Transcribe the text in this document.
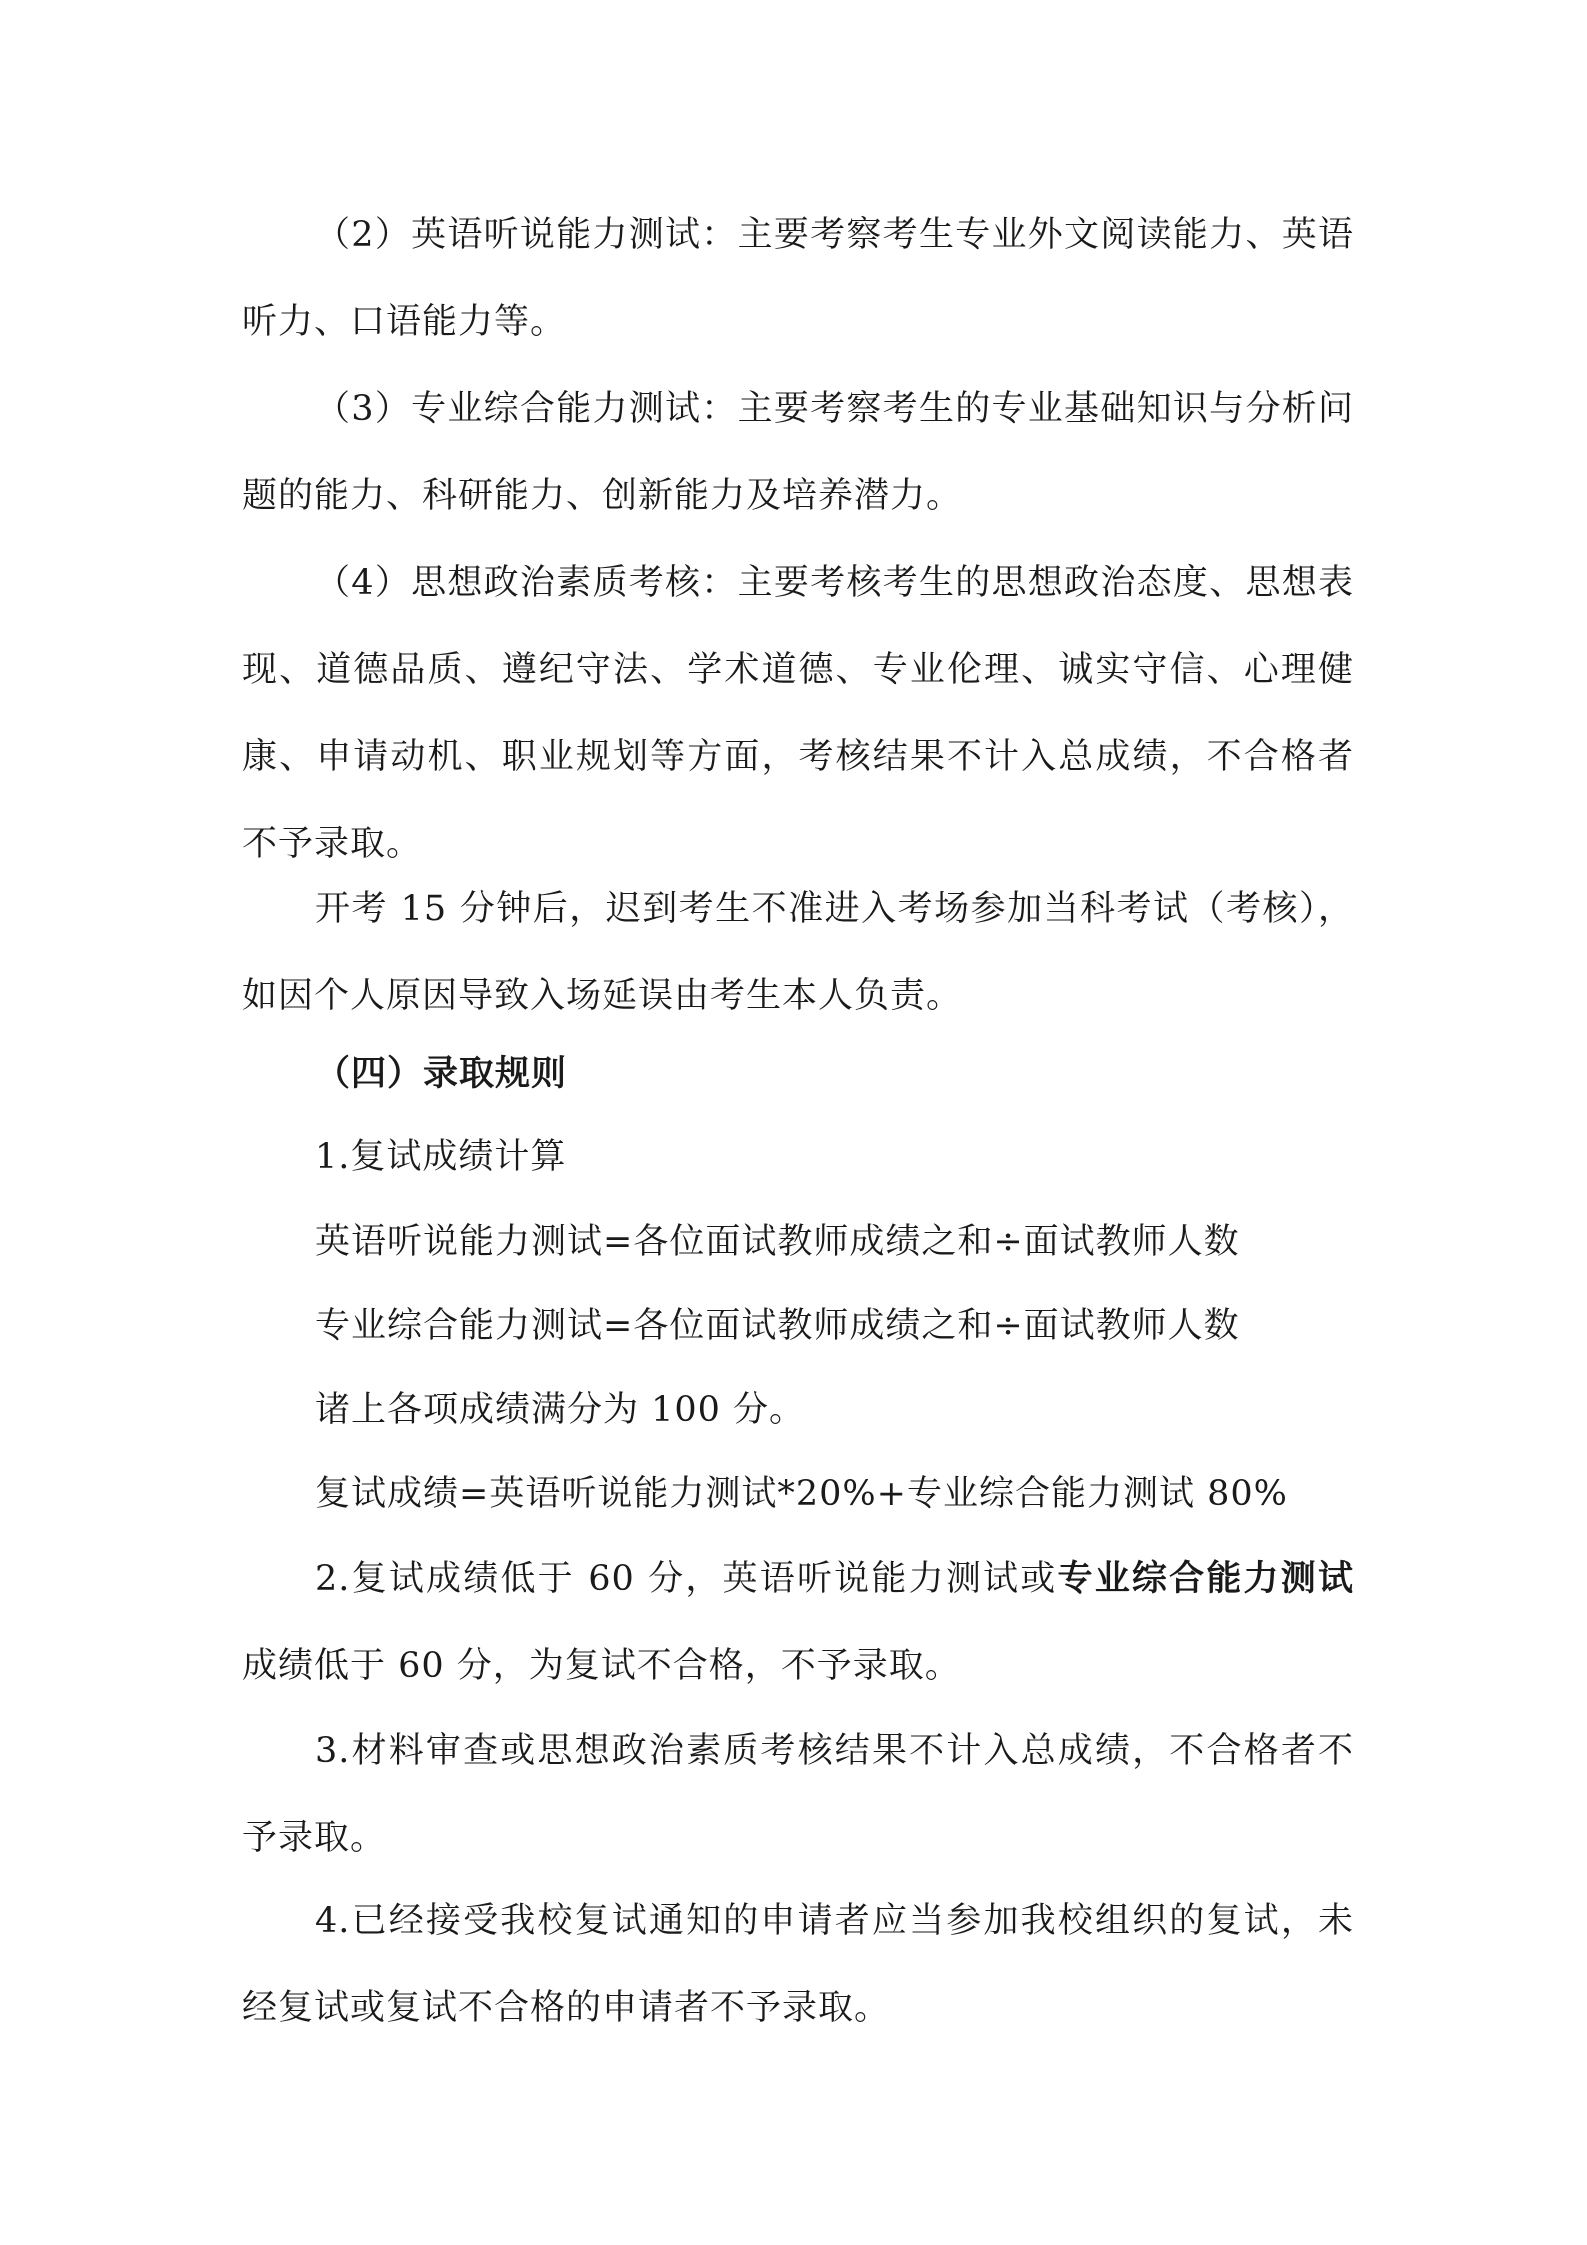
（2）英语听说能力测试：主要考察考生专业外文阅读能力、英语听力、口语能力等。

（3）专业综合能力测试：主要考察考生的专业基础知识与分析问题的能力、科研能力、创新能力及培养潜力。

（4）思想政治素质考核：主要考核考生的思想政治态度、思想表现、道德品质、遵纪守法、学术道德、专业伦理、诚实守信、心理健康、申请动机、职业规划等方面，考核结果不计入总成绩，不合格者不予录取。

开考 15 分钟后，迟到考生不准进入考场参加当科考试（考核），如因个人原因导致入场延误由考生本人负责。

（四）录取规则

1.复试成绩计算

英语听说能力测试=各位面试教师成绩之和÷面试教师人数

专业综合能力测试=各位面试教师成绩之和÷面试教师人数

诸上各项成绩满分为 100 分。

复试成绩=英语听说能力测试*20%+专业综合能力测试 80%

2.复试成绩低于 60 分，英语听说能力测试或专业综合能力测试成绩低于 60 分，为复试不合格，不予录取。

3.材料审查或思想政治素质考核结果不计入总成绩，不合格者不予录取。

4.已经接受我校复试通知的申请者应当参加我校组织的复试，未经复试或复试不合格的申请者不予录取。
